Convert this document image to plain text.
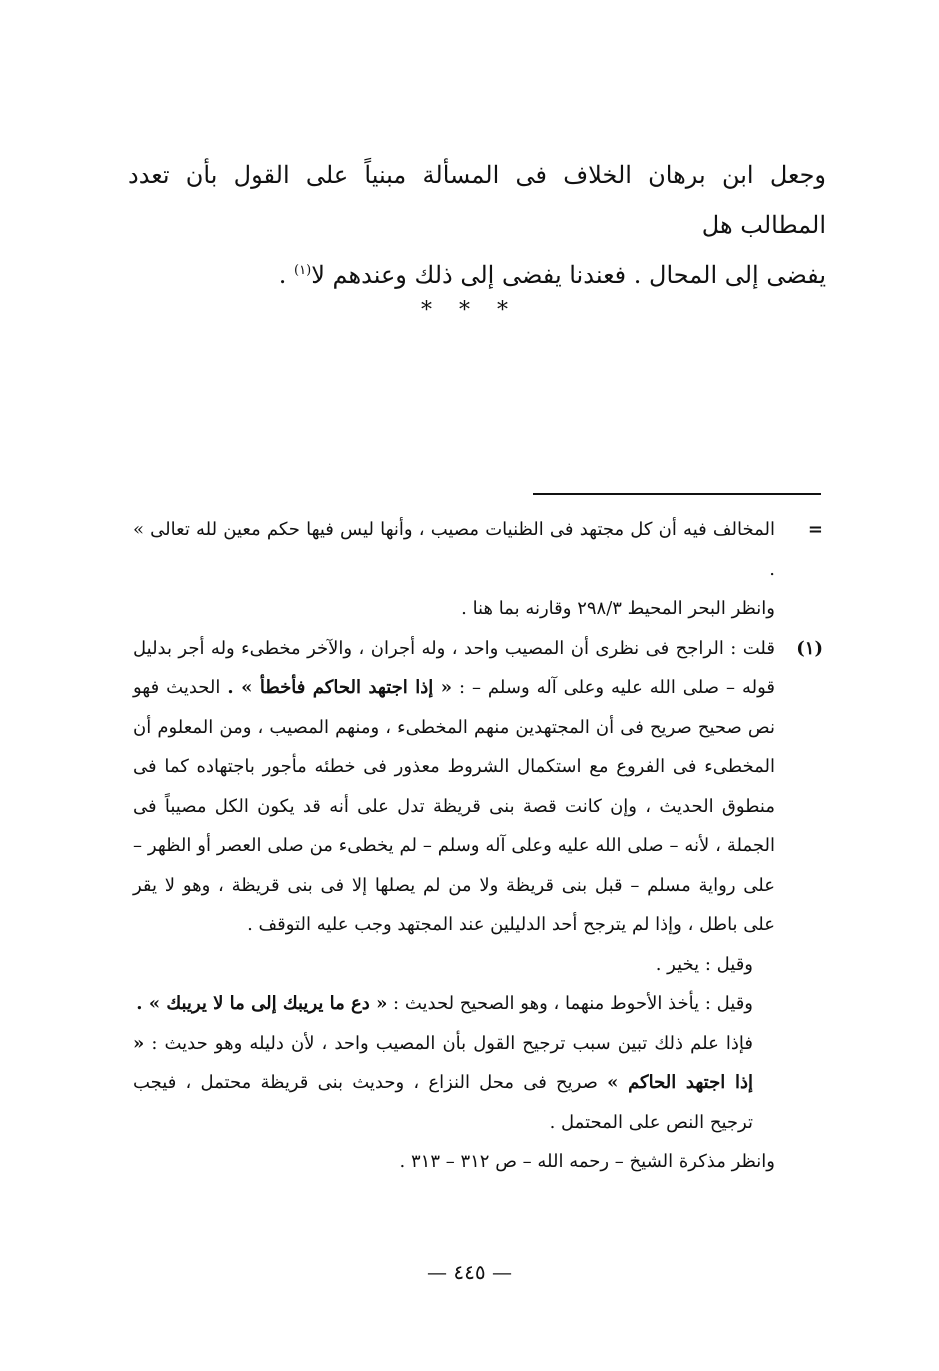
وجعل ابن برهان الخلاف فى المسألة مبنياً على القول بأن تعدد المطالب هل

يفضى إلى المحال . فعندنا يفضى إلى ذلك وعندهم لا$^{(١)}$ .

* * *
=

المخالف فيه أن كل مجتهد فى الظنيات مصيب ، وأنها ليس فيها حكم معين لله تعالى » .

وانظر البحر المحيط ٢٩٨/٣ وقارنه بما هنا .

(١)

قلت : الراجح فى نظرى أن المصيب واحد ، وله أجران ، والآخر مخطىء وله أجر بدليل قوله – صلى الله عليه وعلى آله وسلم – : « إذا اجتهد الحاكم فأخطأ » . الحديث فهو نص صحيح صريح فى أن المجتهدين منهم المخطىء ، ومنهم المصيب ، ومن المعلوم أن المخطىء فى الفروع مع استكمال الشروط معذور فى خطئه مأجور باجتهاده كما فى منطوق الحديث ، وإن كانت قصة بنى قريظة تدل على أنه قد يكون الكل مصيباً فى الجملة ، لأنه – صلى الله عليه وعلى آله وسلم – لم يخطىء من صلى العصر أو الظهر – على رواية مسلم – قبل بنى قريظة ولا من لم يصلها إلا فى بنى قريظة ، وهو لا يقر على باطل ، وإذا لم يترجح أحد الدليلين عند المجتهد وجب عليه التوقف .

وقيل : يخير .

وقيل : يأخذ الأحوط منهما ، وهو الصحيح لحديث : « دع ما يريبك إلى ما لا يريبك » .

فإذا علم ذلك تبين سبب ترجيح القول بأن المصيب واحد ، لأن دليله وهو حديث : « إذا اجتهد الحاكم » صريح فى محل النزاع ، وحديث بنى قريظة محتمل ، فيجب ترجيح النص على المحتمل .

وانظر مذكرة الشيخ – رحمه الله – ص ٣١٢ – ٣١٣ .

— ٤٤٥ —
